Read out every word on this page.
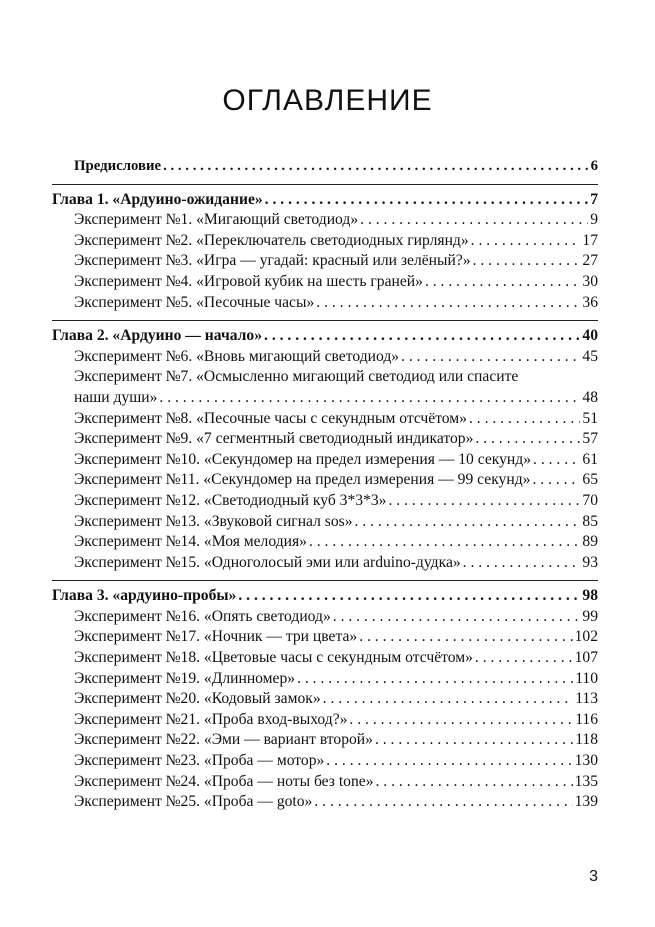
ОГЛАВЛЕНИЕ
Предисловие . . .	6
Глава 1. «Ардуино-ожидание» . . .	7
Эксперимент №1. «Мигающий светодиод» . . .	9
Эксперимент №2. «Переключатель светодиодных гирлянд» . . .	17
Эксперимент №3. «Игра — угадай: красный или зелёный?» . . .	27
Эксперимент №4. «Игровой кубик на шесть граней» . . .	30
Эксперимент №5. «Песочные часы» . . .	36
Глава 2. «Ардуино — начало» . . .	40
Эксперимент №6. «Вновь мигающий светодиод» . . .	45
Эксперимент №7. «Осмысленно мигающий светодиод или спасите
наши души» . . .	48
Эксперимент №8. «Песочные часы с секундным отсчётом» . . .	51
Эксперимент №9. «7 сегментный светодиодный индикатор» . . .	57
Эксперимент №10. «Секундомер на предел измерения — 10 секунд» . . .	61
Эксперимент №11. «Секундомер на предел измерения — 99 секунд» . . .	65
Эксперимент №12. «Светодиодный куб 3*3*3» . . .	70
Эксперимент №13. «Звуковой сигнал sos» . . .	85
Эксперимент №14. «Моя мелодия» . . .	89
Эксперимент №15. «Одноголосый эми или arduino-дудка» . . .	93
Глава 3. «ардуино-пробы» . . .	98
Эксперимент №16. «Опять светодиод» . . .	99
Эксперимент №17. «Ночник — три цвета» . . .	102
Эксперимент №18. «Цветовые часы с секундным отсчётом» . . .	107
Эксперимент №19. «Длинномер» . . .	110
Эксперимент №20. «Кодовый замок» . . .	113
Эксперимент №21. «Проба вход-выход?» . . .	116
Эксперимент №22. «Эми — вариант второй» . . .	118
Эксперимент №23. «Проба — мотор» . . .	130
Эксперимент №24. «Проба — ноты без tone» . . .	135
Эксперимент №25. «Проба — goto» . . .	139
3
